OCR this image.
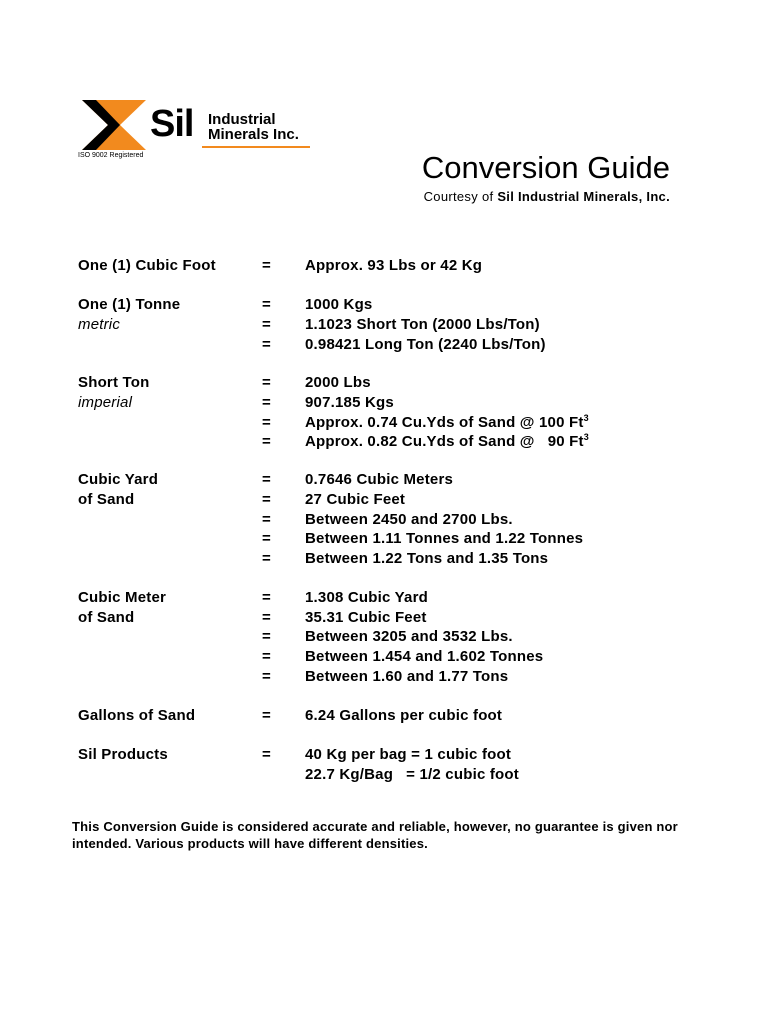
Sil Industrial
Minerals Inc.
ISO 9002 Registered	Conversion Guide
Courtesy of Sil Industrial Minerals, Inc.
One (1) Cubic Foot	= Approx. 93 Lbs or 42 Kg
One (1) Tonne	= 1000 Kgs
metric	= 1.1023 Short Ton (2000 Lbs/Ton)
= 0.98421 Long Ton (2240 Lbs/Ton)
Short Ton	= 2000 Lbs
imperial	= 907.185 Kgs
= Approx. 0.74 Cu.Yds of Sand @ 100 $Ft^3$
= Approx. 0.82 Cu.Yds of Sand @   90 Ft$^3$
Cubic Yard	= 0.7646 Cubic Meters
of Sand	= 27 Cubic Feet
= Between 2450 and 2700 Lbs.
= Between 1.11 Tonnes and 1.22 Tonnes
= Between 1.22 Tons and 1.35 Tons
Cubic Meter	= 1.308 Cubic Yard
of Sand	= 35.31 Cubic Feet
= Between 3205 and 3532 Lbs.
= Between 1.454 and 1.602 Tonnes
= Between 1.60 and 1.77 Tons
Gallons of Sand	= 6.24 Gallons per cubic foot
Sil Products	= 40 Kg per bag = 1 cubic foot
22.7 Kg/Bag   = 1/2 cubic foot
This Conversion Guide is considered accurate and reliable, however, no guarantee is given nor intended. Various products will have different densities.
